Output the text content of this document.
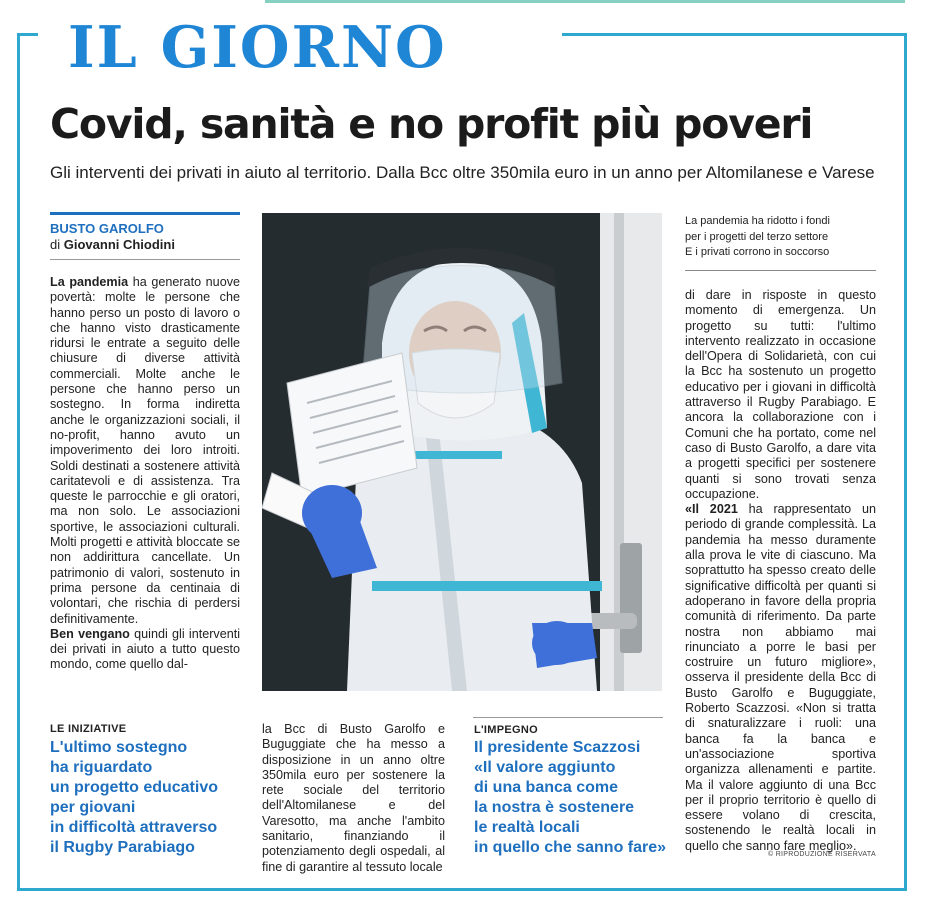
IL GIORNO
Covid, sanità e no profit più poveri
Gli interventi dei privati in aiuto al territorio. Dalla Bcc oltre 350mila euro in un anno per Altomilanese e Varese
BUSTO GAROLFO
di Giovanni Chiodini

La pandemia ha generato nuove povertà: molte le persone che hanno perso un posto di lavoro o che hanno visto drasticamente ridursi le entrate a seguito delle chiusure di diverse attività commerciali. Molte anche le persone che hanno perso un sostegno. In forma indiretta anche le organizzazioni sociali, il no-profit, hanno avuto un impoverimento dei loro introiti. Soldi destinati a sostenere attività caritatevoli e di assistenza. Tra queste le parrocchie e gli oratori, ma non solo. Le associazioni sportive, le associazioni culturali. Molti progetti e attività bloccate se non addirittura cancellate. Un patrimonio di valori, sostenuto in prima persone da centinaia di volontari, che rischia di perdersi definitivamente.

Ben vengano quindi gli interventi dei privati in aiuto a tutto questo mondo, come quello dal-

LE INIZIATIVE
L'ultimo sostegno
ha riguardato
un progetto educativo
per giovani
in difficoltà attraverso
il Rugby Parabiago

la Bcc di Busto Garolfo e Buguggiate che ha messo a disposizione in un anno oltre 350mila euro per sostenere la rete sociale del territorio dell'Altomilanese e del Varesotto, ma anche l'ambito sanitario, finanziando il potenziamento degli ospedali, al fine di garantire al tessuto locale

L'IMPEGNO
Il presidente Scazzosi
«Il valore aggiunto
di una banca come
la nostra è sostenere
le realtà locali
in quello che sanno fare»
La pandemia ha ridotto i fondi
per i progetti del terzo settore
E i privati corrono in soccorso

di dare in risposte in questo momento di emergenza. Un progetto su tutti: l'ultimo intervento realizzato in occasione dell'Opera di Solidarietà, con cui la Bcc ha sostenuto un progetto educativo per i giovani in difficoltà attraverso il Rugby Parabiago. E ancora la collaborazione con i Comuni che ha portato, come nel caso di Busto Garolfo, a dare vita a progetti specifici per sostenere quanti si sono trovati senza occupazione.

«Il 2021 ha rappresentato un periodo di grande complessità. La pandemia ha messo duramente alla prova le vite di ciascuno. Ma soprattutto ha spesso creato delle significative difficoltà per quanti si adoperano in favore della propria comunità di riferimento. Da parte nostra non abbiamo mai rinunciato a porre le basi per costruire un futuro migliore», osserva il presidente della Bcc di Busto Garolfo e Buguggiate, Roberto Scazzosi. «Non si tratta di snaturalizzare i ruoli: una banca fa la banca e un'associazione sportiva organizza allenamenti e partite. Ma il valore aggiunto di una Bcc per il proprio territorio è quello di essere volano di crescita, sostenendo le realtà locali in quello che sanno fare meglio».

© RIPRODUZIONE RISERVATA
